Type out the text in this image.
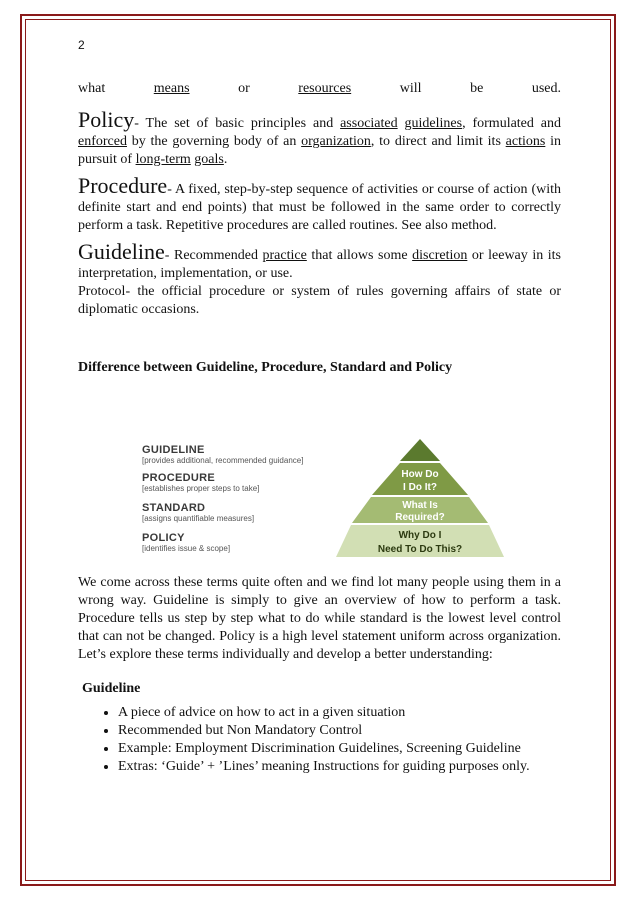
2

what means or resources will	be	used.

Policy- The set of basic principles and associated guidelines, formulated and enforced by the governing body of an organization, to direct and limit its actions in pursuit of long-term goals.

Procedure- A fixed, step-by-step sequence of activities or course of action (with definite start and end points) that must be followed in the same order to correctly perform a task. Repetitive procedures are called routines. See also method.

Guideline- Recommended practice that allows some discretion or leeway in its interpretation, implementation, or use.

Protocol- the official procedure or system of rules governing affairs of state or diplomatic occasions.

Difference between Guideline, Procedure, Standard and Policy
GUIDELINE
[provides additional, recommended guidance]
PROCEDURE
[establishes proper steps to take]
STANDARD
[assigns quantifiable measures]
POLICY
[identifies issue & scope]
How Do
I Do It?
What Is
Required?
Why Do I
Need To Do This?

We come across these terms quite often and we find lot many people using them in a wrong way. Guideline is simply to give an overview of how to perform a task. Procedure tells us step by step what to do while standard is the lowest level control that can not be changed. Policy is a high level statement uniform across organization. Let’s explore these terms individually and develop a better understanding:

Guideline
• A piece of advice on how to act in a given situation
• Recommended but Non Mandatory Control
• Example: Employment Discrimination Guidelines, Screening Guideline
• Extras: ‘Guide’ + ’Lines’ meaning Instructions for guiding purposes only.
